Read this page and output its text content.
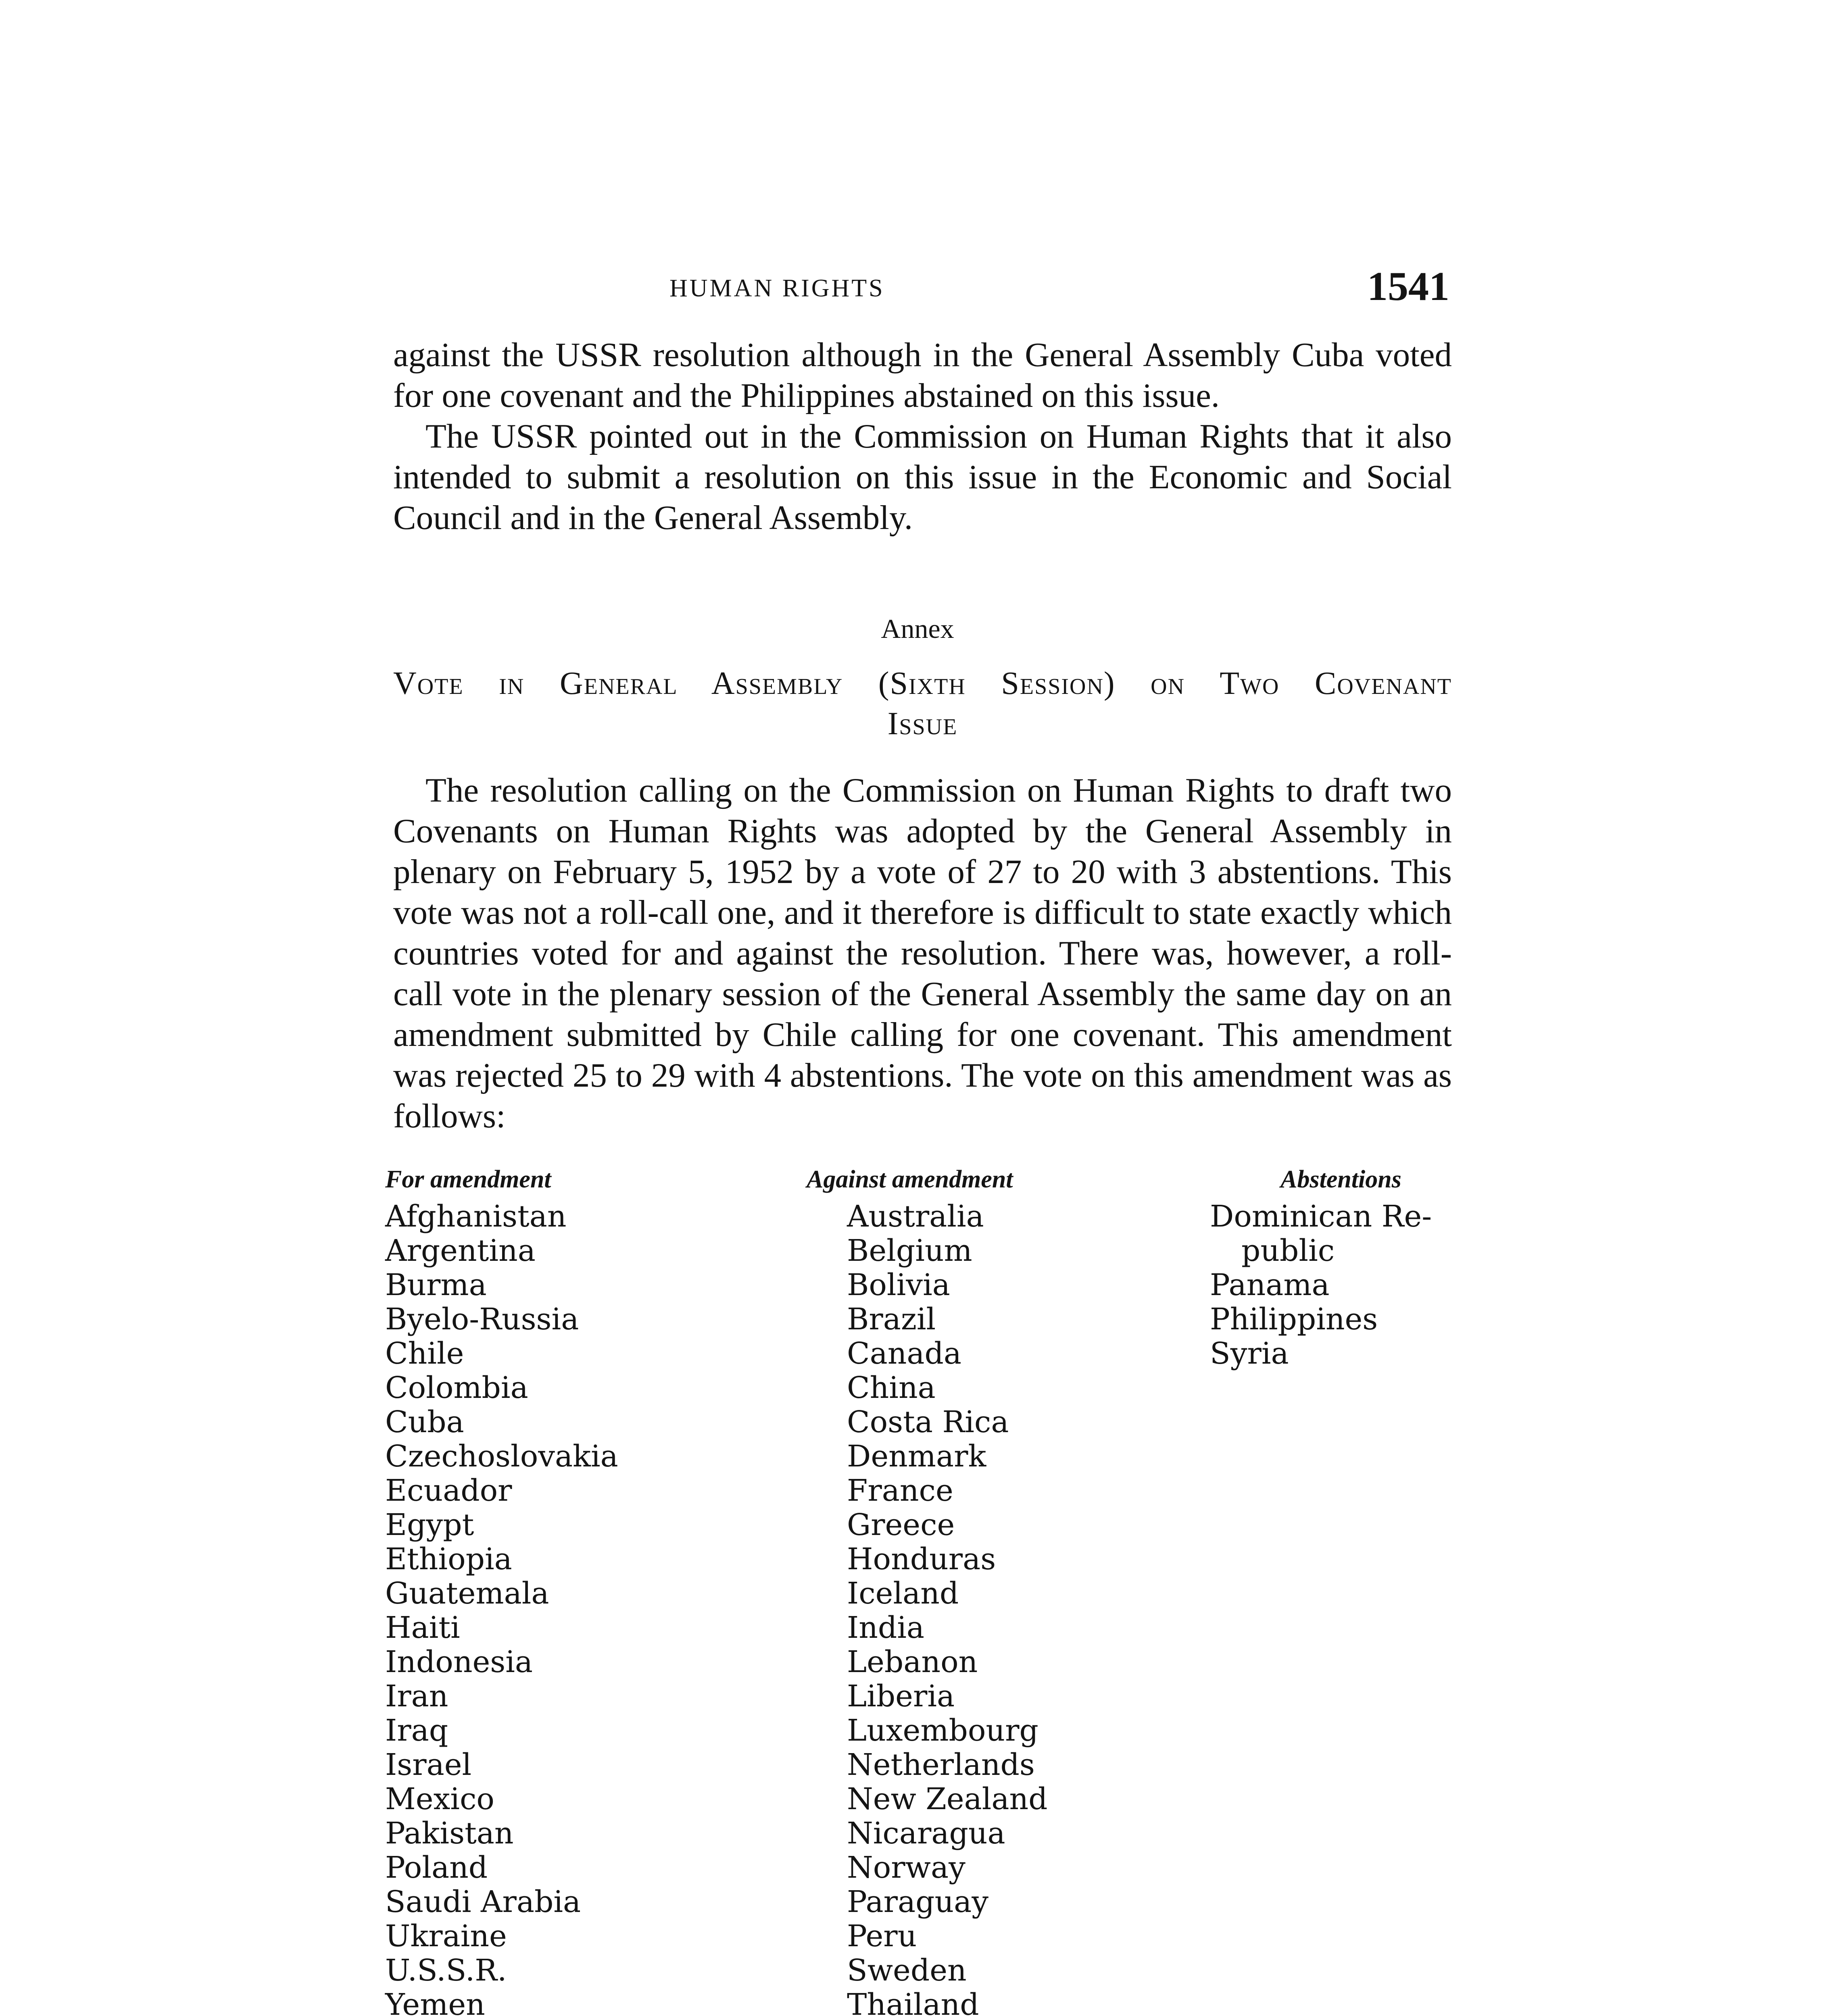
HUMAN RIGHTS	1541

against the USSR resolution although in the General Assembly Cuba voted for one covenant and the Philippines abstained on this issue.

The USSR pointed out in the Commission on Human Rights that it also intended to submit a resolution on this issue in the Economic and Social Council and in the General Assembly.

Annex
Vote in General Assembly (Sixth Session) on Two Covenant
Issue

The resolution calling on the Commission on Human Rights to draft two Covenants on Human Rights was adopted by the General Assembly in plenary on February 5, 1952 by a vote of 27 to 20 with 3 abstentions. This vote was not a roll-call one, and it therefore is difficult to state exactly which countries voted for and against the resolution. There was, however, a roll-call vote in the plenary session of the General Assembly the same day on an amendment submitted by Chile calling for one covenant. This amendment was rejected 25 to 29 with 4 abstentions. The vote on this amendment was as follows:

For amendment
Afghanistan
Argentina
Burma
Byelo-Russia
Chile
Colombia
Cuba
Czechoslovakia
Ecuador
Egypt
Ethiopia
Guatemala
Haiti
Indonesia
Iran
Iraq
Israel
Mexico
Pakistan
Poland
Saudi Arabia
Ukraine
U.S.S.R.
Yemen
Against amendment
Australia
Belgium
Bolivia
Brazil
Canada
China
Costa Rica
Denmark
France
Greece
Honduras
Iceland
India
Lebanon
Liberia
Luxembourg
Netherlands
New Zealand
Nicaragua
Norway
Paraguay
Peru
Sweden
Thailand
Abstentions
Dominican Re-
public
Panama
Philippines
Syria
